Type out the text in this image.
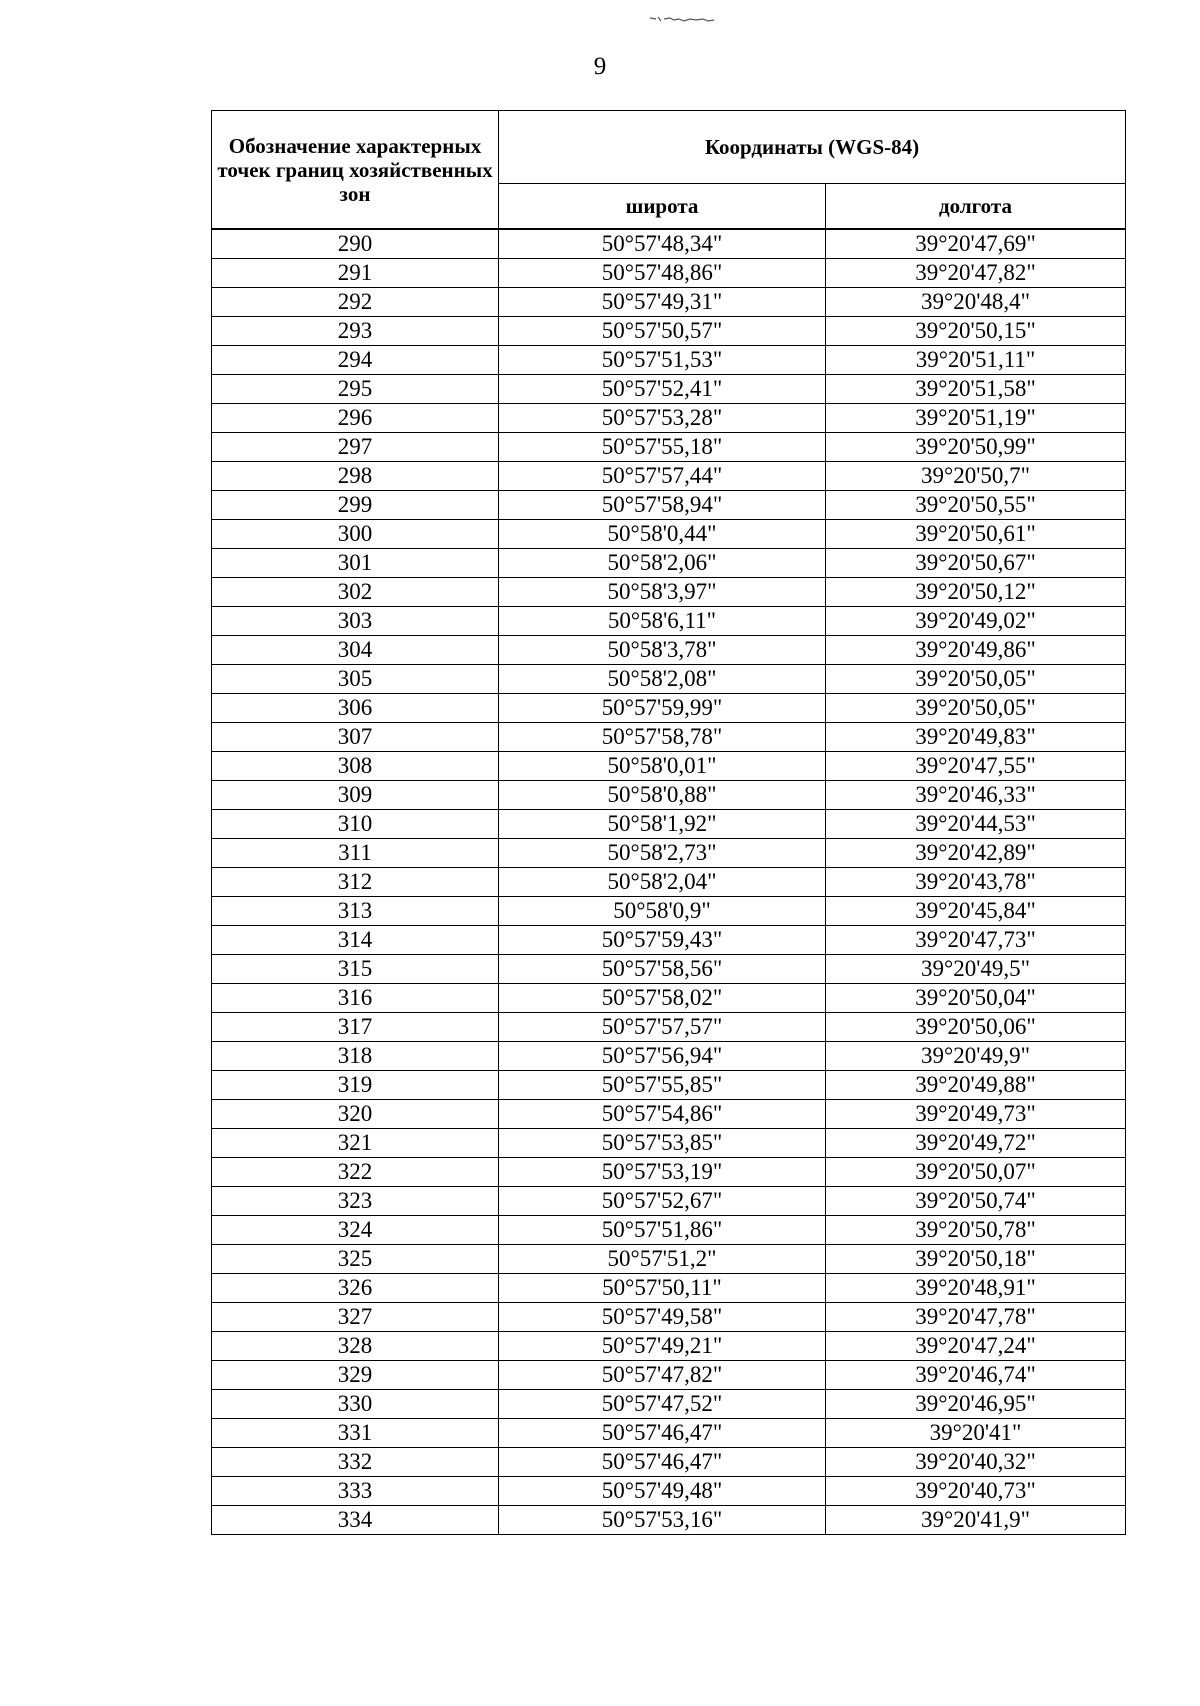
9
Обозначение характерных точек границ хозяйственных зон	Координаты (WGS-84)	
	широта	долгота
290	50°57'48,34"	39°20'47,69"
291	50°57'48,86"	39°20'47,82"
292	50°57'49,31"	39°20'48,4"
293	50°57'50,57"	39°20'50,15"
294	50°57'51,53"	39°20'51,11"
295	50°57'52,41"	39°20'51,58"
296	50°57'53,28"	39°20'51,19"
297	50°57'55,18"	39°20'50,99"
298	50°57'57,44"	39°20'50,7"
299	50°57'58,94"	39°20'50,55"
300	50°58'0,44"	39°20'50,61"
301	50°58'2,06"	39°20'50,67"
302	50°58'3,97"	39°20'50,12"
303	50°58'6,11"	39°20'49,02"
304	50°58'3,78"	39°20'49,86"
305	50°58'2,08"	39°20'50,05"
306	50°57'59,99"	39°20'50,05"
307	50°57'58,78"	39°20'49,83"
308	50°58'0,01"	39°20'47,55"
309	50°58'0,88"	39°20'46,33"
310	50°58'1,92"	39°20'44,53"
311	50°58'2,73"	39°20'42,89"
312	50°58'2,04"	39°20'43,78"
313	50°58'0,9"	39°20'45,84"
314	50°57'59,43"	39°20'47,73"
315	50°57'58,56"	39°20'49,5"
316	50°57'58,02"	39°20'50,04"
317	50°57'57,57"	39°20'50,06"
318	50°57'56,94"	39°20'49,9"
319	50°57'55,85"	39°20'49,88"
320	50°57'54,86"	39°20'49,73"
321	50°57'53,85"	39°20'49,72"
322	50°57'53,19"	39°20'50,07"
323	50°57'52,67"	39°20'50,74"
324	50°57'51,86"	39°20'50,78"
325	50°57'51,2"	39°20'50,18"
326	50°57'50,11"	39°20'48,91"
327	50°57'49,58"	39°20'47,78"
328	50°57'49,21"	39°20'47,24"
329	50°57'47,82"	39°20'46,74"
330	50°57'47,52"	39°20'46,95"
331	50°57'46,47"	39°20'41"
332	50°57'46,47"	39°20'40,32"
333	50°57'49,48"	39°20'40,73"
334	50°57'53,16"	39°20'41,9"
